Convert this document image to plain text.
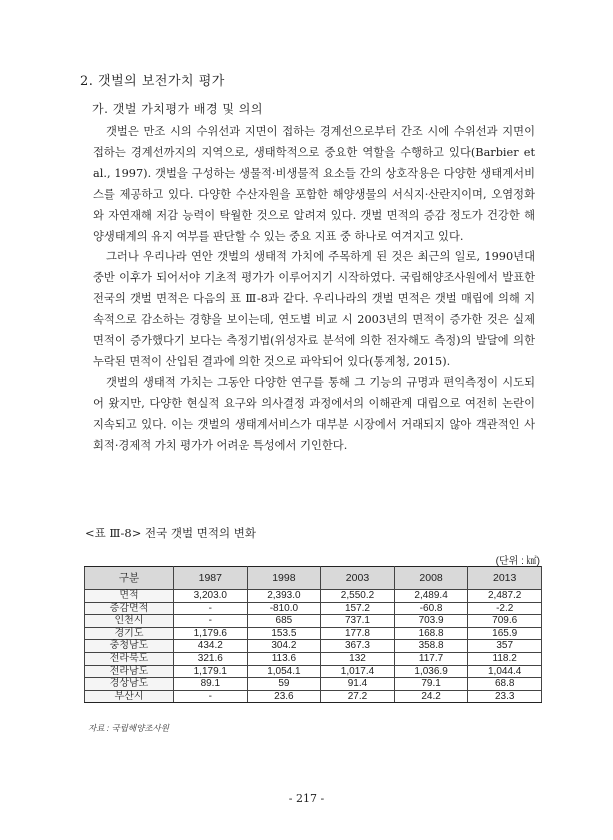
2. 갯벌의 보전가치 평가
가. 갯벌 가치평가 배경 및 의의

갯벌은 만조 시의 수위선과 지면이 접하는 경계선으로부터 간조 시에 수위선과 지면이 접하는 경계선까지의 지역으로, 생태학적으로 중요한 역할을 수행하고 있다(Barbier et al., 1997). 갯벌을 구성하는 생물적·비생물적 요소들 간의 상호작용은 다양한 생태계서비스를 제공하고 있다. 다양한 수산자원을 포함한 해양생물의 서식지·산란지이며, 오염정화와 자연재해 저감 능력이 탁월한 것으로 알려져 있다. 갯벌 면적의 증감 정도가 건강한 해양생태계의 유지 여부를 판단할 수 있는 중요 지표 중 하나로 여겨지고 있다.

그러나 우리나라 연안 갯벌의 생태적 가치에 주목하게 된 것은 최근의 일로, 1990년대 중반 이후가 되어서야 기초적 평가가 이루어지기 시작하였다. 국립해양조사원에서 발표한 전국의 갯벌 면적은 다음의 표 Ⅲ-8과 같다. 우리나라의 갯벌 면적은 갯벌 매립에 의해 지속적으로 감소하는 경향을 보이는데, 연도별 비교 시 2003년의 면적이 증가한 것은 실제 면적이 증가했다기 보다는 측정기법(위성자료 분석에 의한 전자해도 측정)의 발달에 의한 누락된 면적이 산입된 결과에 의한 것으로 파악되어 있다(통계청, 2015).

갯벌의 생태적 가치는 그동안 다양한 연구를 통해 그 기능의 규명과 편익측정이 시도되어 왔지만, 다양한 현실적 요구와 의사결정 과정에서의 이해관계 대립으로 여전히 논란이 지속되고 있다. 이는 갯벌의 생태계서비스가 대부분 시장에서 거래되지 않아 객관적인 사회적·경제적 가치 평가가 어려운 특성에서 기인한다.

<표 Ⅲ-8> 전국 갯벌 면적의 변화
(단위 : ㎢)
구분	1987	1998	2003	2008	2013
면적	3,203.0	2,393.0	2,550.2	2,489.4	2,487.2
증감면적	-	-810.0	157.2	-60.8	-2.2
인천시	-	685	737.1	703.9	709.6
경기도	1,179.6	153.5	177.8	168.8	165.9
충청남도	434.2	304.2	367.3	358.8	357
전라북도	321.6	113.6	132	117.7	118.2
전라남도	1,179.1	1,054.1	1,017.4	1,036.9	1,044.4
경상남도	89.1	59	91.4	79.1	68.8
부산시	-	23.6	27.2	24.2	23.3
자료 : 국립해양조사원
- 217 -
